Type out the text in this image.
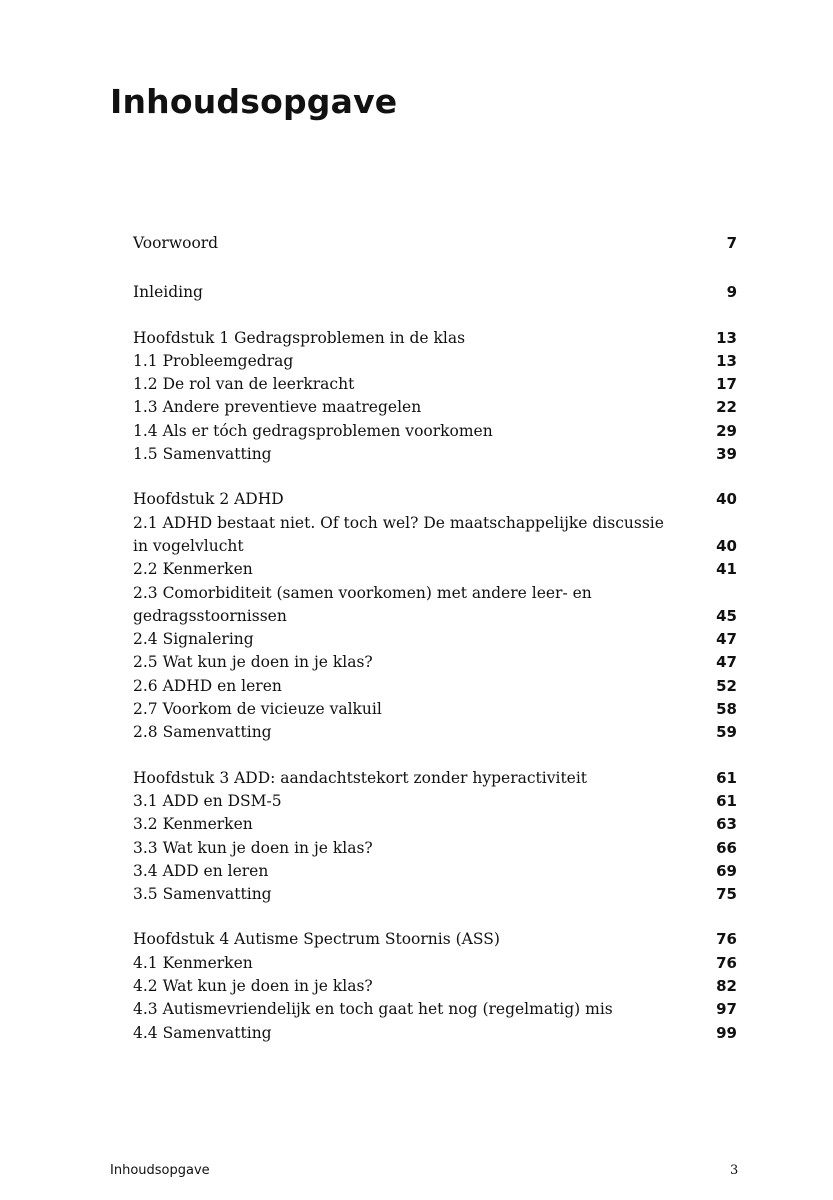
Inhoudsopgave
Voorwoord	7
Inleiding	9
Hoofdstuk 1 Gedragsproblemen in de klas	13
1.1 Probleemgedrag	13
1.2 De rol van de leerkracht	17
1.3 Andere preventieve maatregelen	22
1.4 Als er tóch gedragsproblemen voorkomen	29
1.5 Samenvatting	39
Hoofdstuk 2 ADHD	40
2.1 ADHD bestaat niet. Of toch wel? De maatschappelijke discussie in vogelvlucht	40
2.2 Kenmerken	41
2.3 Comorbiditeit (samen voorkomen) met andere leer- en gedragsstoornissen	45
2.4 Signalering	47
2.5 Wat kun je doen in je klas?	47
2.6 ADHD en leren	52
2.7 Voorkom de vicieuze valkuil	58
2.8 Samenvatting	59
Hoofdstuk 3 ADD: aandachtstekort zonder hyperactiviteit	61
3.1 ADD en DSM-5	61
3.2 Kenmerken	63
3.3 Wat kun je doen in je klas?	66
3.4 ADD en leren	69
3.5 Samenvatting	75
Hoofdstuk 4 Autisme Spectrum Stoornis (ASS)	76
4.1 Kenmerken	76
4.2 Wat kun je doen in je klas?	82
4.3 Autismevriendelijk en toch gaat het nog (regelmatig) mis	97
4.4 Samenvatting	99
Inhoudsopgave	3
